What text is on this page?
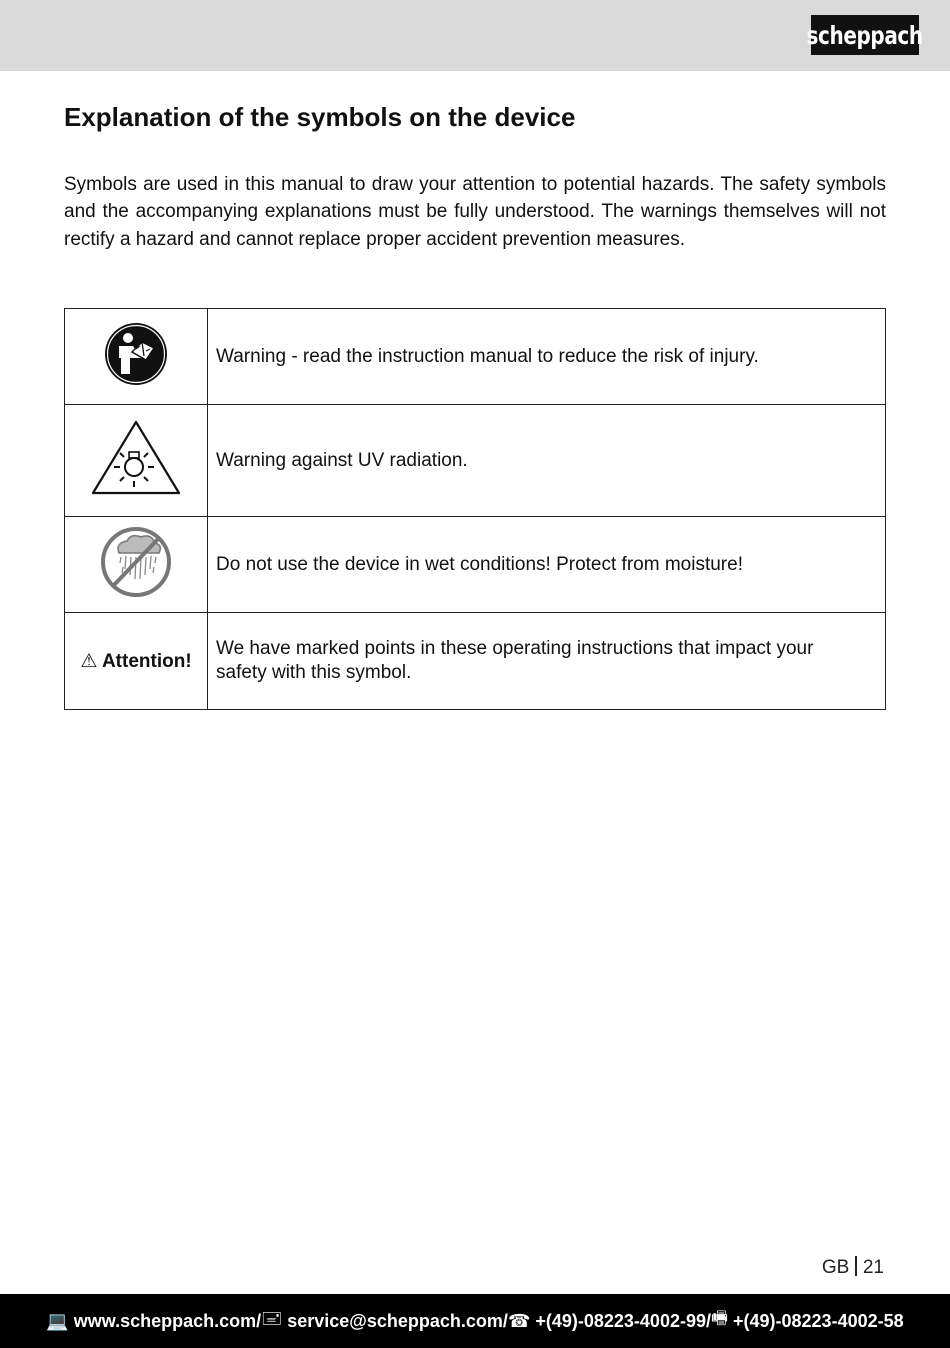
scheppach
Explanation of the symbols on the device

Symbols are used in this manual to draw your attention to potential hazards. The safety symbols and the accompanying explanations must be fully understood. The warnings themselves will not rectify a hazard and cannot replace proper accident prevention measures.

	Warning - read the instruction manual to reduce the risk of injury.
	Warning against UV radiation.
	Do not use the device in wet conditions! Protect from moisture!
⚠ Attention!	We have marked points in these operating instructions that impact your safety with this symbol.
GB 21
💻 www.scheppach.com / 🖃 service@scheppach.com / ☎ +(49)-08223-4002-99 / 🖷 +(49)-08223-4002-58
